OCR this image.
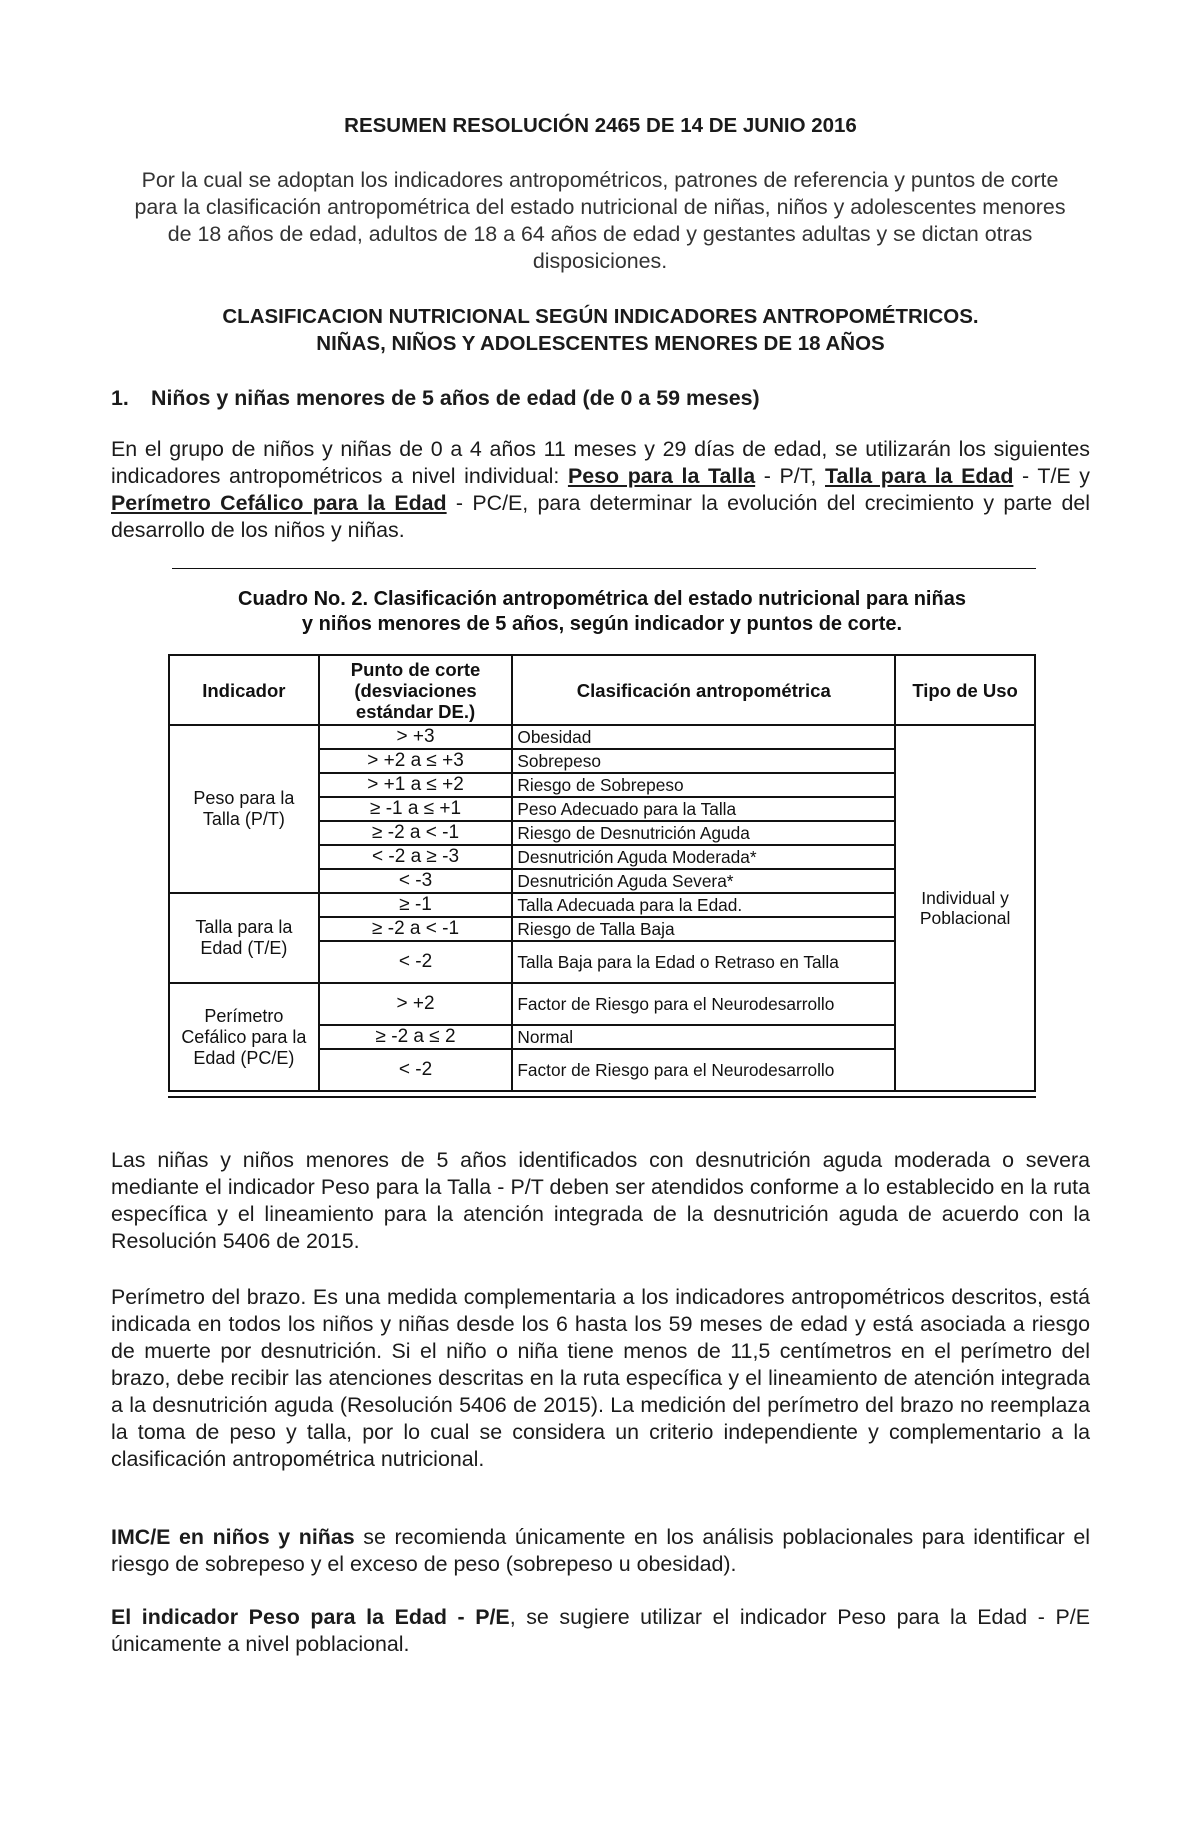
RESUMEN RESOLUCIÓN 2465 DE 14 DE JUNIO 2016
Por la cual se adoptan los indicadores antropométricos, patrones de referencia y puntos de corte para la clasificación antropométrica del estado nutricional de niñas, niños y adolescentes menores de 18 años de edad, adultos de 18 a 64 años de edad y gestantes adultas y se dictan otras disposiciones.
CLASIFICACION NUTRICIONAL SEGÚN INDICADORES ANTROPOMÉTRICOS.
NIÑAS, NIÑOS Y ADOLESCENTES MENORES DE 18 AÑOS
1. Niños y niñas menores de 5 años de edad (de 0 a 59 meses)
En el grupo de niños y niñas de 0 a 4 años 11 meses y 29 días de edad, se utilizarán los siguientes indicadores antropométricos a nivel individual: Peso para la Talla - P/T, Talla para la Edad - T/E y Perímetro Cefálico para la Edad - PC/E, para determinar la evolución del crecimiento y parte del desarrollo de los niños y niñas.
Cuadro No. 2. Clasificación antropométrica del estado nutricional para niñas
y niños menores de 5 años, según indicador y puntos de corte.
Indicador	Punto de corte (desviaciones estándar DE.)	Clasificación antropométrica	Tipo de Uso
Peso para la Talla (P/T)	> +3	Obesidad	Individual y Poblacional
	> +2 a ≤ +3	Sobrepeso	
	> +1 a ≤ +2	Riesgo de Sobrepeso	
	≥ -1 a ≤ +1	Peso Adecuado para la Talla	
	≥ -2 a < -1	Riesgo de Desnutrición Aguda	
	< -2 a ≥ -3	Desnutrición Aguda Moderada*	
	< -3	Desnutrición Aguda Severa*	
Talla para la Edad (T/E)	≥ -1	Talla Adecuada para la Edad.	
	≥ -2 a < -1	Riesgo de Talla Baja	
	< -2	Talla Baja para la Edad o Retraso en Talla	
Perímetro Cefálico para la Edad (PC/E)	> +2	Factor de Riesgo para el Neurodesarrollo	
	≥ -2 a ≤ 2	Normal	
	< -2	Factor de Riesgo para el Neurodesarrollo	
Las niñas y niños menores de 5 años identificados con desnutrición aguda moderada o severa mediante el indicador Peso para la Talla - P/T deben ser atendidos conforme a lo establecido en la ruta específica y el lineamiento para la atención integrada de la desnutrición aguda de acuerdo con la Resolución 5406 de 2015.
Perímetro del brazo. Es una medida complementaria a los indicadores antropométricos descritos, está indicada en todos los niños y niñas desde los 6 hasta los 59 meses de edad y está asociada a riesgo de muerte por desnutrición. Si el niño o niña tiene menos de 11,5 centímetros en el perímetro del brazo, debe recibir las atenciones descritas en la ruta específica y el lineamiento de atención integrada a la desnutrición aguda (Resolución 5406 de 2015). La medición del perímetro del brazo no reemplaza la toma de peso y talla, por lo cual se considera un criterio independiente y complementario a la clasificación antropométrica nutricional.
IMC/E en niños y niñas se recomienda únicamente en los análisis poblacionales para identificar el riesgo de sobrepeso y el exceso de peso (sobrepeso u obesidad).
El indicador Peso para la Edad - P/E, se sugiere utilizar el indicador Peso para la Edad - P/E únicamente a nivel poblacional.
